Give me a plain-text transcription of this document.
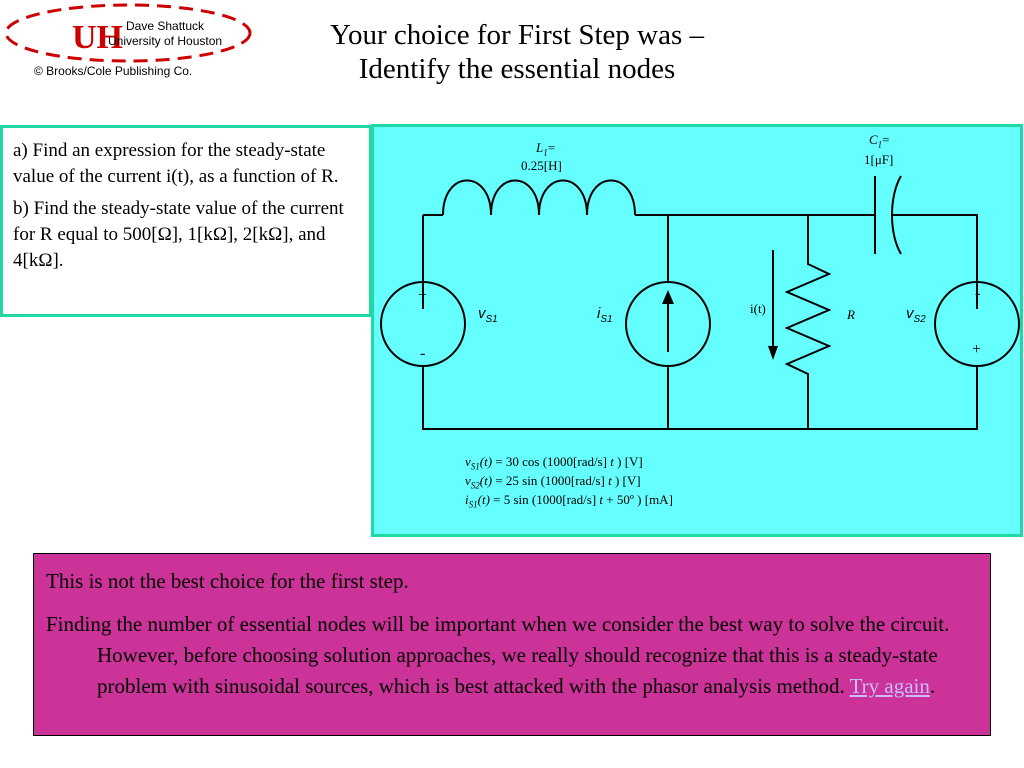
UH Dave Shattuck
University of Houston
© Brooks/Cole Publishing Co.
Your choice for First Step was –
Identify the essential nodes

a) Find an expression for the steady-state value of the current i(t), as a function of R.

b) Find the steady-state value of the current for R equal to 500[Ω], 1[kΩ], 2[kΩ], and 4[kΩ].

$L_1=$
0.25[H]
$C_1=$
1[μF]
+
-
$v_{S1}$	$i_{S1}$
i(t)	R	$v_{S2}$
-
+
$v_{S1}(t) = 30$ cos (1000[rad/s] t ) [V]
$v_{S2}(t) = 25$ sin (1000[rad/s] t ) [V]
$i_{S1}(t) = 5$ sin (1000[rad/s] t + 50º ) [mA]

This is not the best choice for the first step.

Finding the number of essential nodes will be important when we consider the best way to solve the circuit. However, before choosing solution approaches, we really should recognize that this is a steady-state problem with sinusoidal sources, which is best attacked with the phasor analysis method. Try again.
